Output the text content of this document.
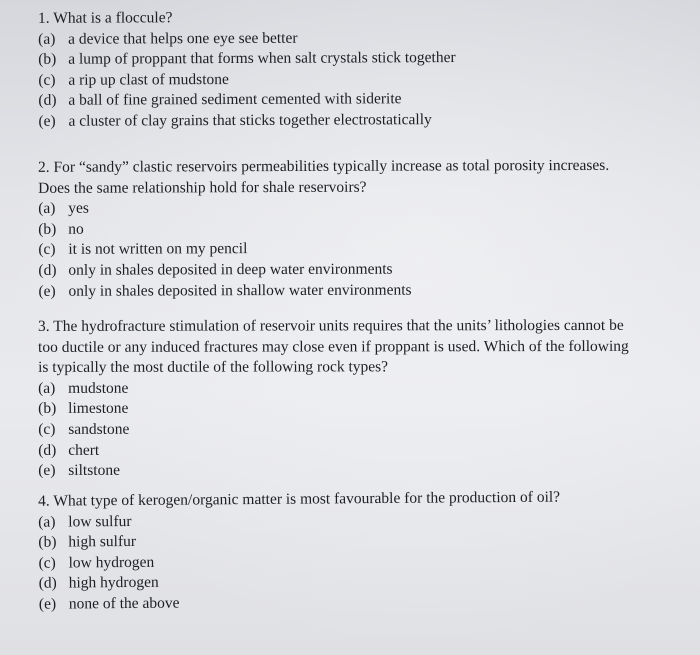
1. What is a floccule?
(a) a device that helps one eye see better
(b) a lump of proppant that forms when salt crystals stick together
(c) a rip up clast of mudstone
(d) a ball of fine grained sediment cemented with siderite
(e) a cluster of clay grains that sticks together electrostatically
2. For “sandy” clastic reservoirs permeabilities typically increase as total porosity increases.
Does the same relationship hold for shale reservoirs?
(a) yes
(b) no
(c) it is not written on my pencil
(d) only in shales deposited in deep water environments
(e) only in shales deposited in shallow water environments
3. The hydrofracture stimulation of reservoir units requires that the units’ lithologies cannot be
too ductile or any induced fractures may close even if proppant is used. Which of the following
is typically the most ductile of the following rock types?
(a) mudstone
(b) limestone
(c) sandstone
(d) chert
(e) siltstone
4. What type of kerogen/organic matter is most favourable for the production of oil?
(a) low sulfur
(b) high sulfur
(c) low hydrogen
(d) high hydrogen
(e) none of the above
